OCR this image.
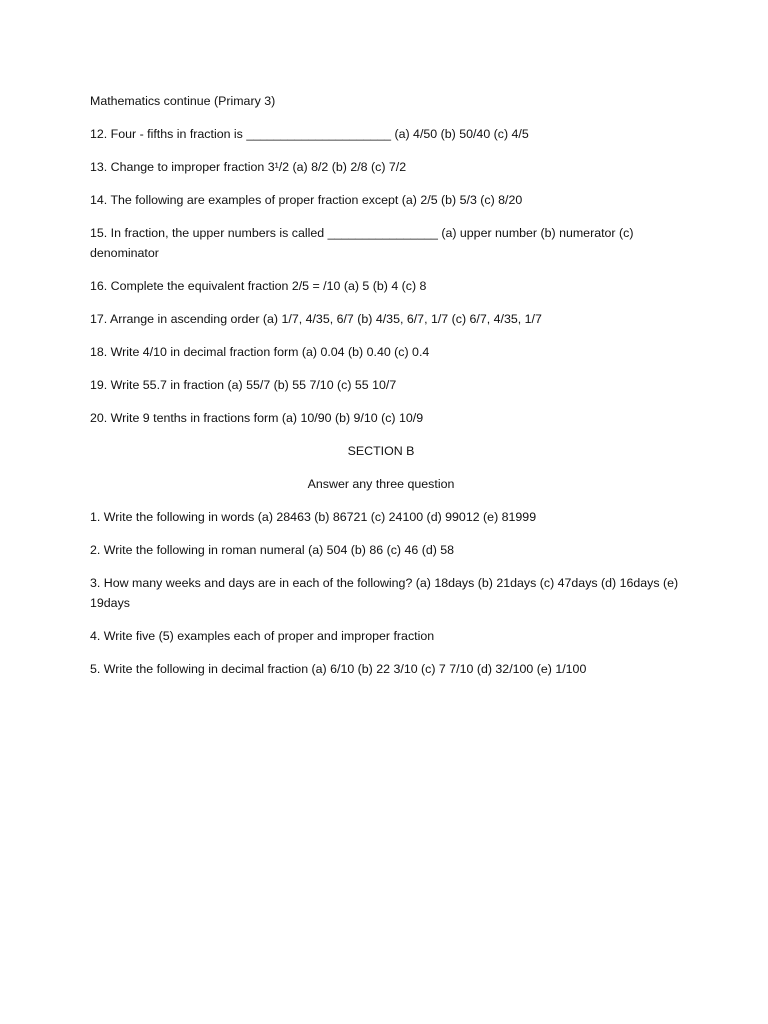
Mathematics continue (Primary 3)
12. Four - fifths in fraction is _____________________ (a) 4/50 (b) 50/40 (c) 4/5
13. Change to improper fraction 3¹/2 (a) 8/2 (b) 2/8 (c) 7/2
14. The following are examples of proper fraction except (a) 2/5 (b) 5/3 (c) 8/20
15. In fraction, the upper numbers is called ________________ (a) upper number (b) numerator (c) denominator
16. Complete the equivalent fraction 2/5 = /10 (a) 5 (b) 4 (c) 8
17. Arrange in ascending order (a) 1/7, 4/35, 6/7 (b) 4/35, 6/7, 1/7 (c) 6/7, 4/35, 1/7
18. Write 4/10 in decimal fraction form (a) 0.04 (b) 0.40 (c) 0.4
19. Write 55.7 in fraction (a) 55/7 (b) 55 7/10 (c) 55 10/7
20. Write 9 tenths in fractions form (a) 10/90 (b) 9/10 (c) 10/9
SECTION B
Answer any three question
1. Write the following in words (a) 28463 (b) 86721 (c) 24100 (d) 99012 (e) 81999
2. Write the following in roman numeral (a) 504 (b) 86 (c) 46 (d) 58
3. How many weeks and days are in each of the following? (a) 18days (b) 21days (c) 47days (d) 16days (e) 19days
4. Write five (5) examples each of proper and improper fraction
5. Write the following in decimal fraction (a) 6/10 (b) 22 3/10 (c) 7 7/10 (d) 32/100 (e) 1/100
